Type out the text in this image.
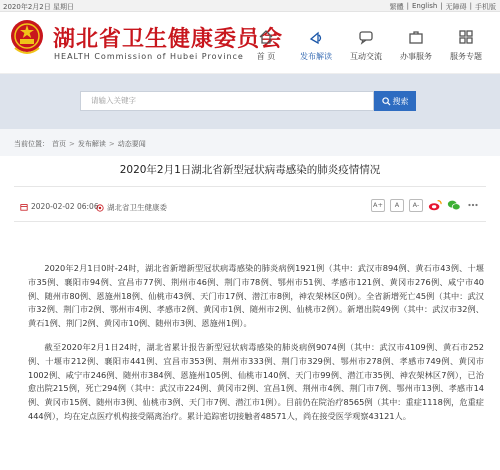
2020年2月2日 星期日	繁體 | English | 无障碍 | 手机版
湖北省卫生健康委员会
HEALTH Commission of Hubei Province 首 页	发布解读 互动交流 办事服务 服务专题
请输入关键字	搜索
当前位置： 首页 > 发布解读 > 动态要闻
2020年2月1日湖北省新型冠状病毒感染的肺炎疫情情况
2020-02-02 06:06 湖北省卫生健康委	A+	A	A-

2020年2月1日0时-24时，湖北省新增新型冠状病毒感染的肺炎病例1921例（其中：武汉市894例、黄石市43例、十堰市35例、襄阳市94例、宜昌市77例、荆州市46例、荆门市78例、鄂州市51例、孝感市121例、黄冈市276例、咸宁市40例、随州市80例、恩施州18例、仙桃市43例、天门市17例、潜江市8例，神农架林区0例）。全省新增死亡45例（其中：武汉市32例、荆门市2例、鄂州市4例、孝感市2例、黄冈市1例、随州市2例、仙桃市2例）。新增出院49例（其中：武汉市32例、黄石1例、荆门2例、黄冈市10例、随州市3例、恩施州1例）。

截至2020年2月1日24时，湖北省累计报告新型冠状病毒感染的肺炎病例9074例（其中：武汉市4109例、黄石市252例、十堰市212例、襄阳市441例、宜昌市353例、荆州市333例、荆门市329例、鄂州市278例、孝感市749例、黄冈市1002例、咸宁市246例、随州市384例、恩施州105例、仙桃市140例、天门市99例、潜江市35例、神农架林区7例），已治愈出院215例，死亡294例（其中：武汉市224例、黄冈市2例、宜昌1例、荆州市4例、荆门市7例、鄂州市13例、孝感市14例、黄冈市15例、随州市3例、仙桃市3例、天门市7例、潜江市1例）。目前仍在院治疗8565例（其中：重症1118例，危重症444例），均在定点医疗机构接受隔离治疗。累计追踪密切接触者48571人，尚在接受医学观察43121人。
